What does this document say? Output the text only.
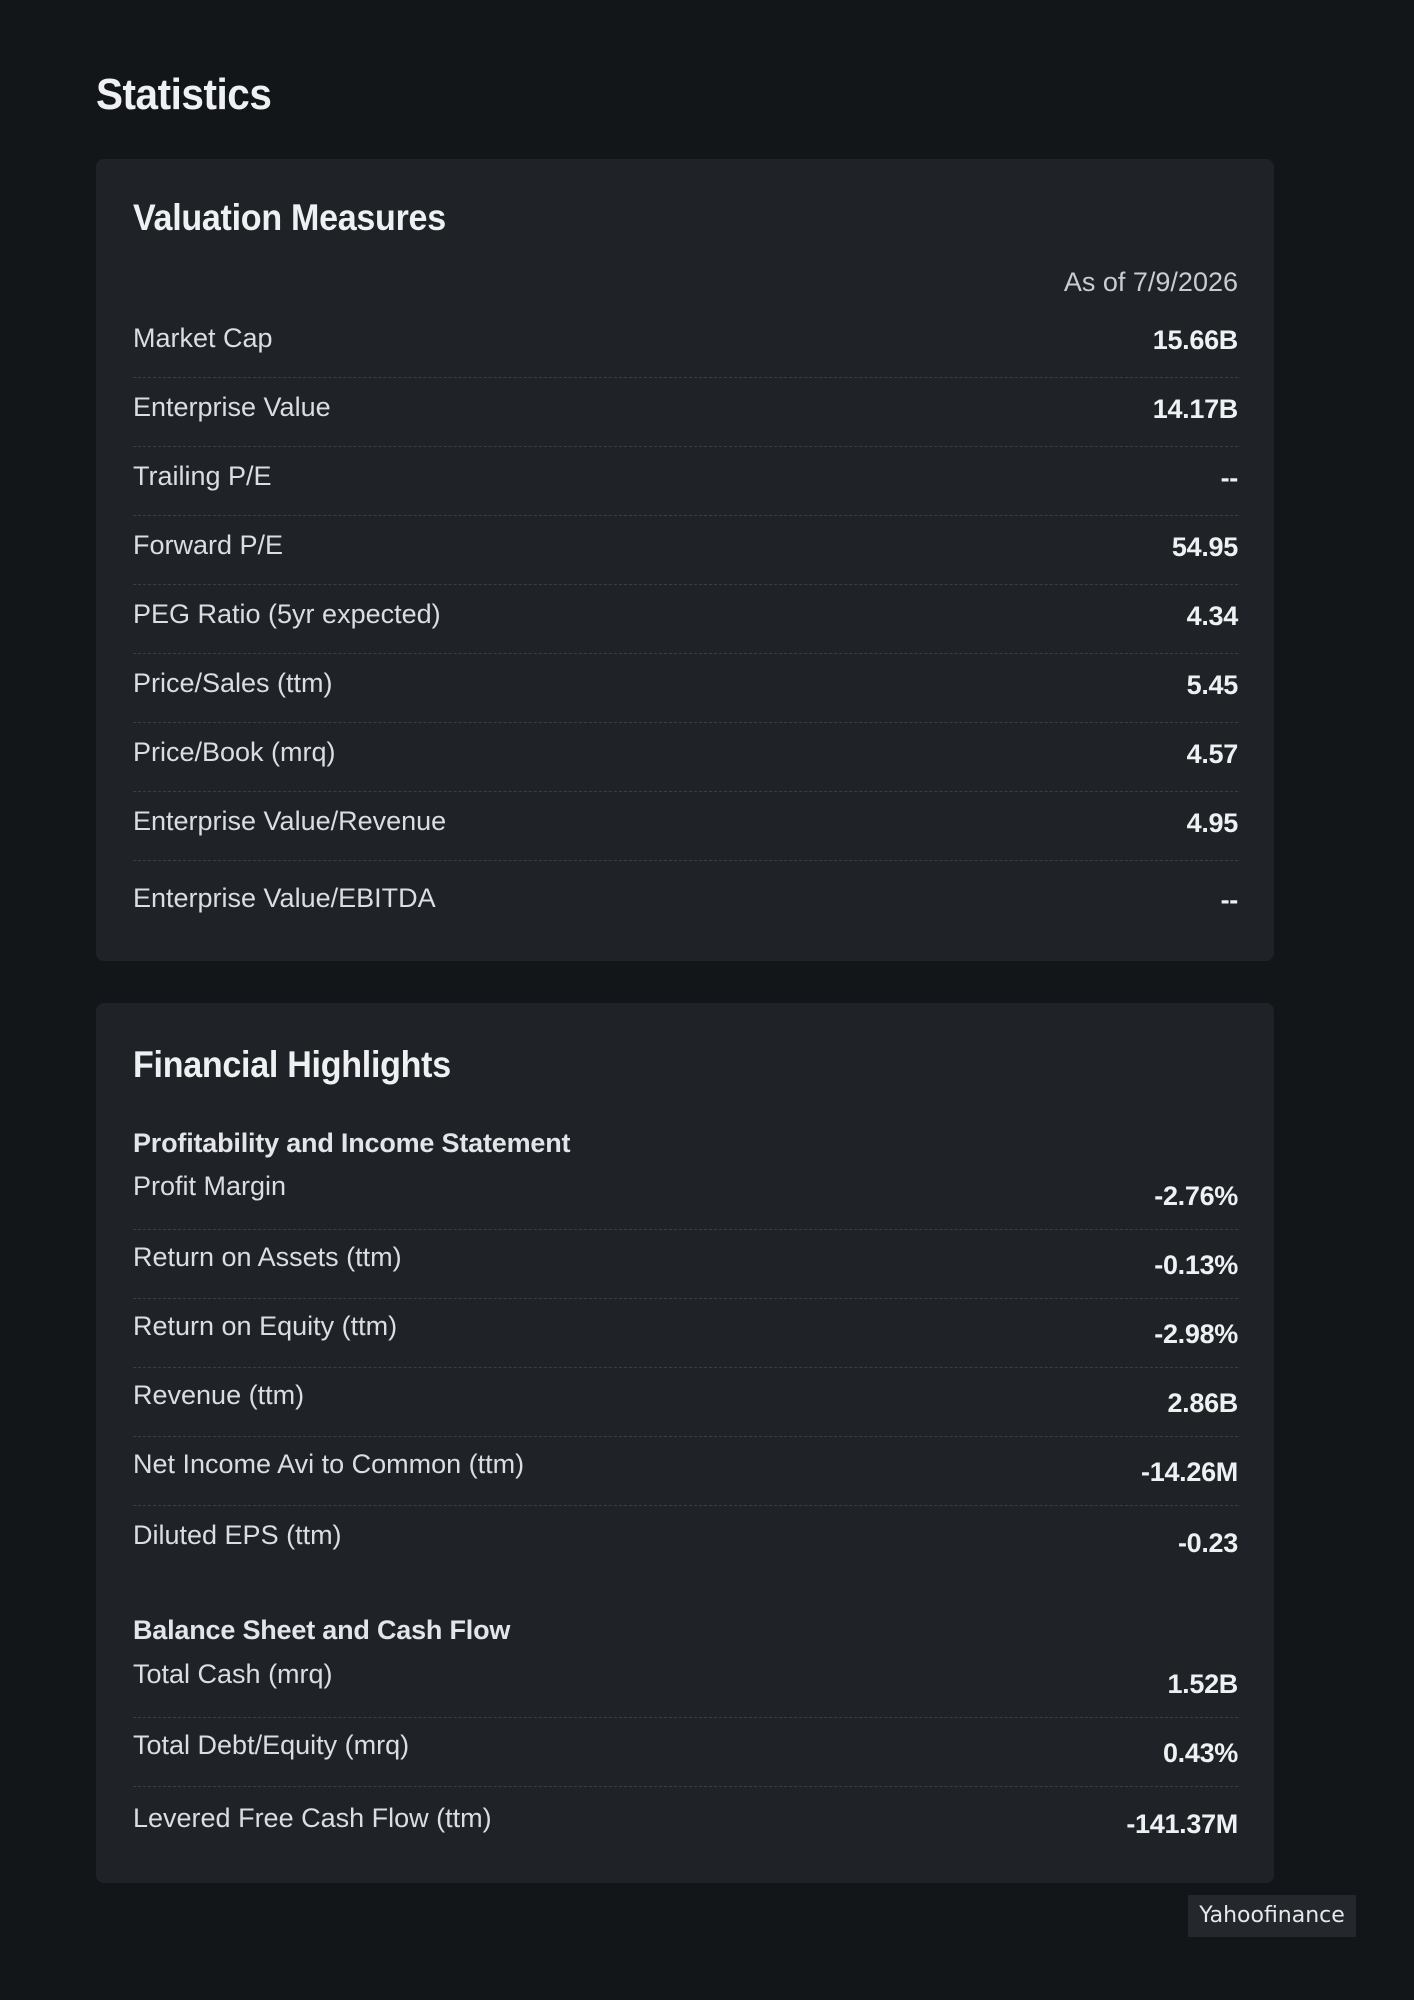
Statistics
Valuation Measures
As of 7/9/2026
Market Cap	15.66B
Enterprise Value	14.17B
Trailing P/E	--
Forward P/E	54.95
PEG Ratio (5yr expected)	4.34
Price/Sales (ttm)	5.45
Price/Book (mrq)	4.57
Enterprise Value/Revenue	4.95
Enterprise Value/EBITDA	--
Financial Highlights
Profitability and Income Statement
Profit Margin	-2.76%
Return on Assets (ttm)	-0.13%
Return on Equity (ttm)	-2.98%
Revenue (ttm)	2.86B
Net Income Avi to Common (ttm)	-14.26M
Diluted EPS (ttm)	-0.23
Balance Sheet and Cash Flow
Total Cash (mrq)	1.52B
Total Debt/Equity (mrq)	0.43%
Levered Free Cash Flow (ttm)	-141.37M
Yahoofinance
